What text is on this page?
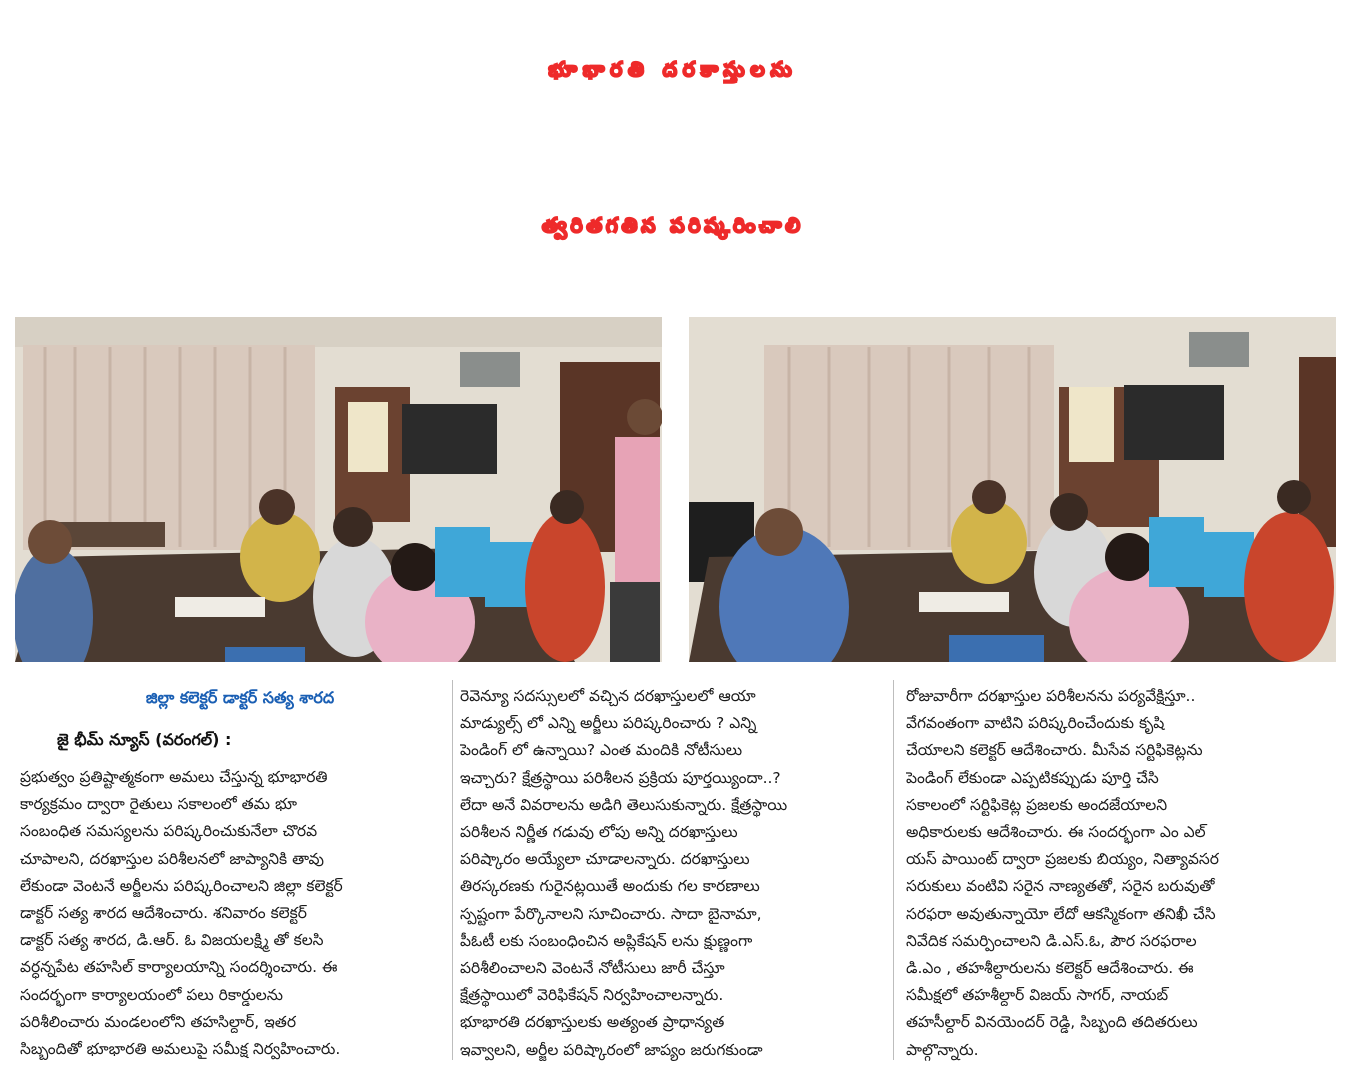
భూభారతి దరకాస్తులను
త్వరితగతిన పరిష్కరించాలి
జిల్లా కలెక్టర్ డాక్టర్ సత్య శారద
జై భీమ్ న్యూస్ (వరంగల్) :
ప్రభుత్వం ప్రతిష్టాత్మకంగా అమలు చేస్తున్న భూభారతి
కార్యక్రమం ద్వారా రైతులు సకాలంలో తమ భూ
సంబంధిత సమస్యలను పరిష్కరించుకునేలా చొరవ
చూపాలని, దరఖాస్తుల పరిశీలనలో జాప్యానికి తావు
లేకుండా వెంటనే అర్జీలను పరిష్కరించాలని జిల్లా కలెక్టర్
డాక్టర్ సత్య శారద ఆదేశించారు. శనివారం కలెక్టర్
డాక్టర్ సత్య శారద, డి.ఆర్. ఓ విజయలక్ష్మి తో కలసి
వర్ధన్నపేట తహసిల్ కార్యాలయాన్ని సందర్శించారు. ఈ
సందర్భంగా కార్యాలయంలో పలు రికార్డులను
పరిశీలించారు మండలంలోని తహసిల్దార్, ఇతర
సిబ్బందితో భూభారతి అమలుపై సమీక్ష నిర్వహించారు.
రెవెన్యూ సదస్సులలో వచ్చిన దరఖాస్తులలో ఆయా
మాడ్యుల్స్ లో ఎన్ని అర్జీలు పరిష్కరించారు ? ఎన్ని
పెండింగ్ లో ఉన్నాయి? ఎంత మందికి నోటీసులు
ఇచ్చారు? క్షేత్రస్థాయి పరిశీలన ప్రక్రియ పూర్తయ్యిందా..?
లేదా అనే వివరాలను అడిగి తెలుసుకున్నారు. క్షేత్రస్థాయి
పరిశీలన నిర్ణీత గడువు లోపు అన్ని దరఖాస్తులు
పరిష్కారం అయ్యేలా చూడాలన్నారు. దరఖాస్తులు
తిరస్కరణకు గురైనట్లయితే అందుకు గల కారణాలు
స్పష్టంగా పేర్కొనాలని సూచించారు. సాదా బైనామా,
పీఓటీ లకు సంబంధించిన అప్లికేషన్ లను క్షుణ్ణంగా
పరిశీలించాలని వెంటనే నోటీసులు జారీ చేస్తూ
క్షేత్రస్థాయిలో వెరిఫికేషన్ నిర్వహించాలన్నారు.
భూభారతి దరఖాస్తులకు అత్యంత ప్రాధాన్యత
ఇవ్వాలని, అర్జీల పరిష్కారంలో జాప్యం జరుగకుండా
రోజువారీగా దరఖాస్తుల పరిశీలనను పర్యవేక్షిస్తూ..
వేగవంతంగా వాటిని పరిష్కరించేందుకు కృషి
చేయాలని కలెక్టర్ ఆదేశించారు. మీసేవ సర్టిఫికెట్లను
పెండింగ్ లేకుండా ఎప్పటికప్పుడు పూర్తి చేసి
సకాలంలో సర్టిఫికెట్ల ప్రజలకు అందజేయాలని
అధికారులకు ఆదేశించారు. ఈ సందర్భంగా ఎం ఎల్
యస్ పాయింట్ ద్వారా ప్రజలకు బియ్యం, నిత్యావసర
సరుకులు వంటివి సరైన నాణ్యతతో, సరైన బరువుతో
సరఫరా అవుతున్నాయో లేదో ఆకస్మికంగా తనిఖీ చేసి
నివేదిక సమర్పించాలని డి.ఎస్.ఓ, పౌర సరఫరాల
డి.ఎం , తహశీల్దారులను కలెక్టర్ ఆదేశించారు. ఈ
సమీక్షలో తహశీల్దార్ విజయ్ సాగర్, నాయబ్
తహసీల్దార్ వినయెందర్ రెడ్డి, సిబ్బంది తదితరులు
పాల్గొన్నారు.
